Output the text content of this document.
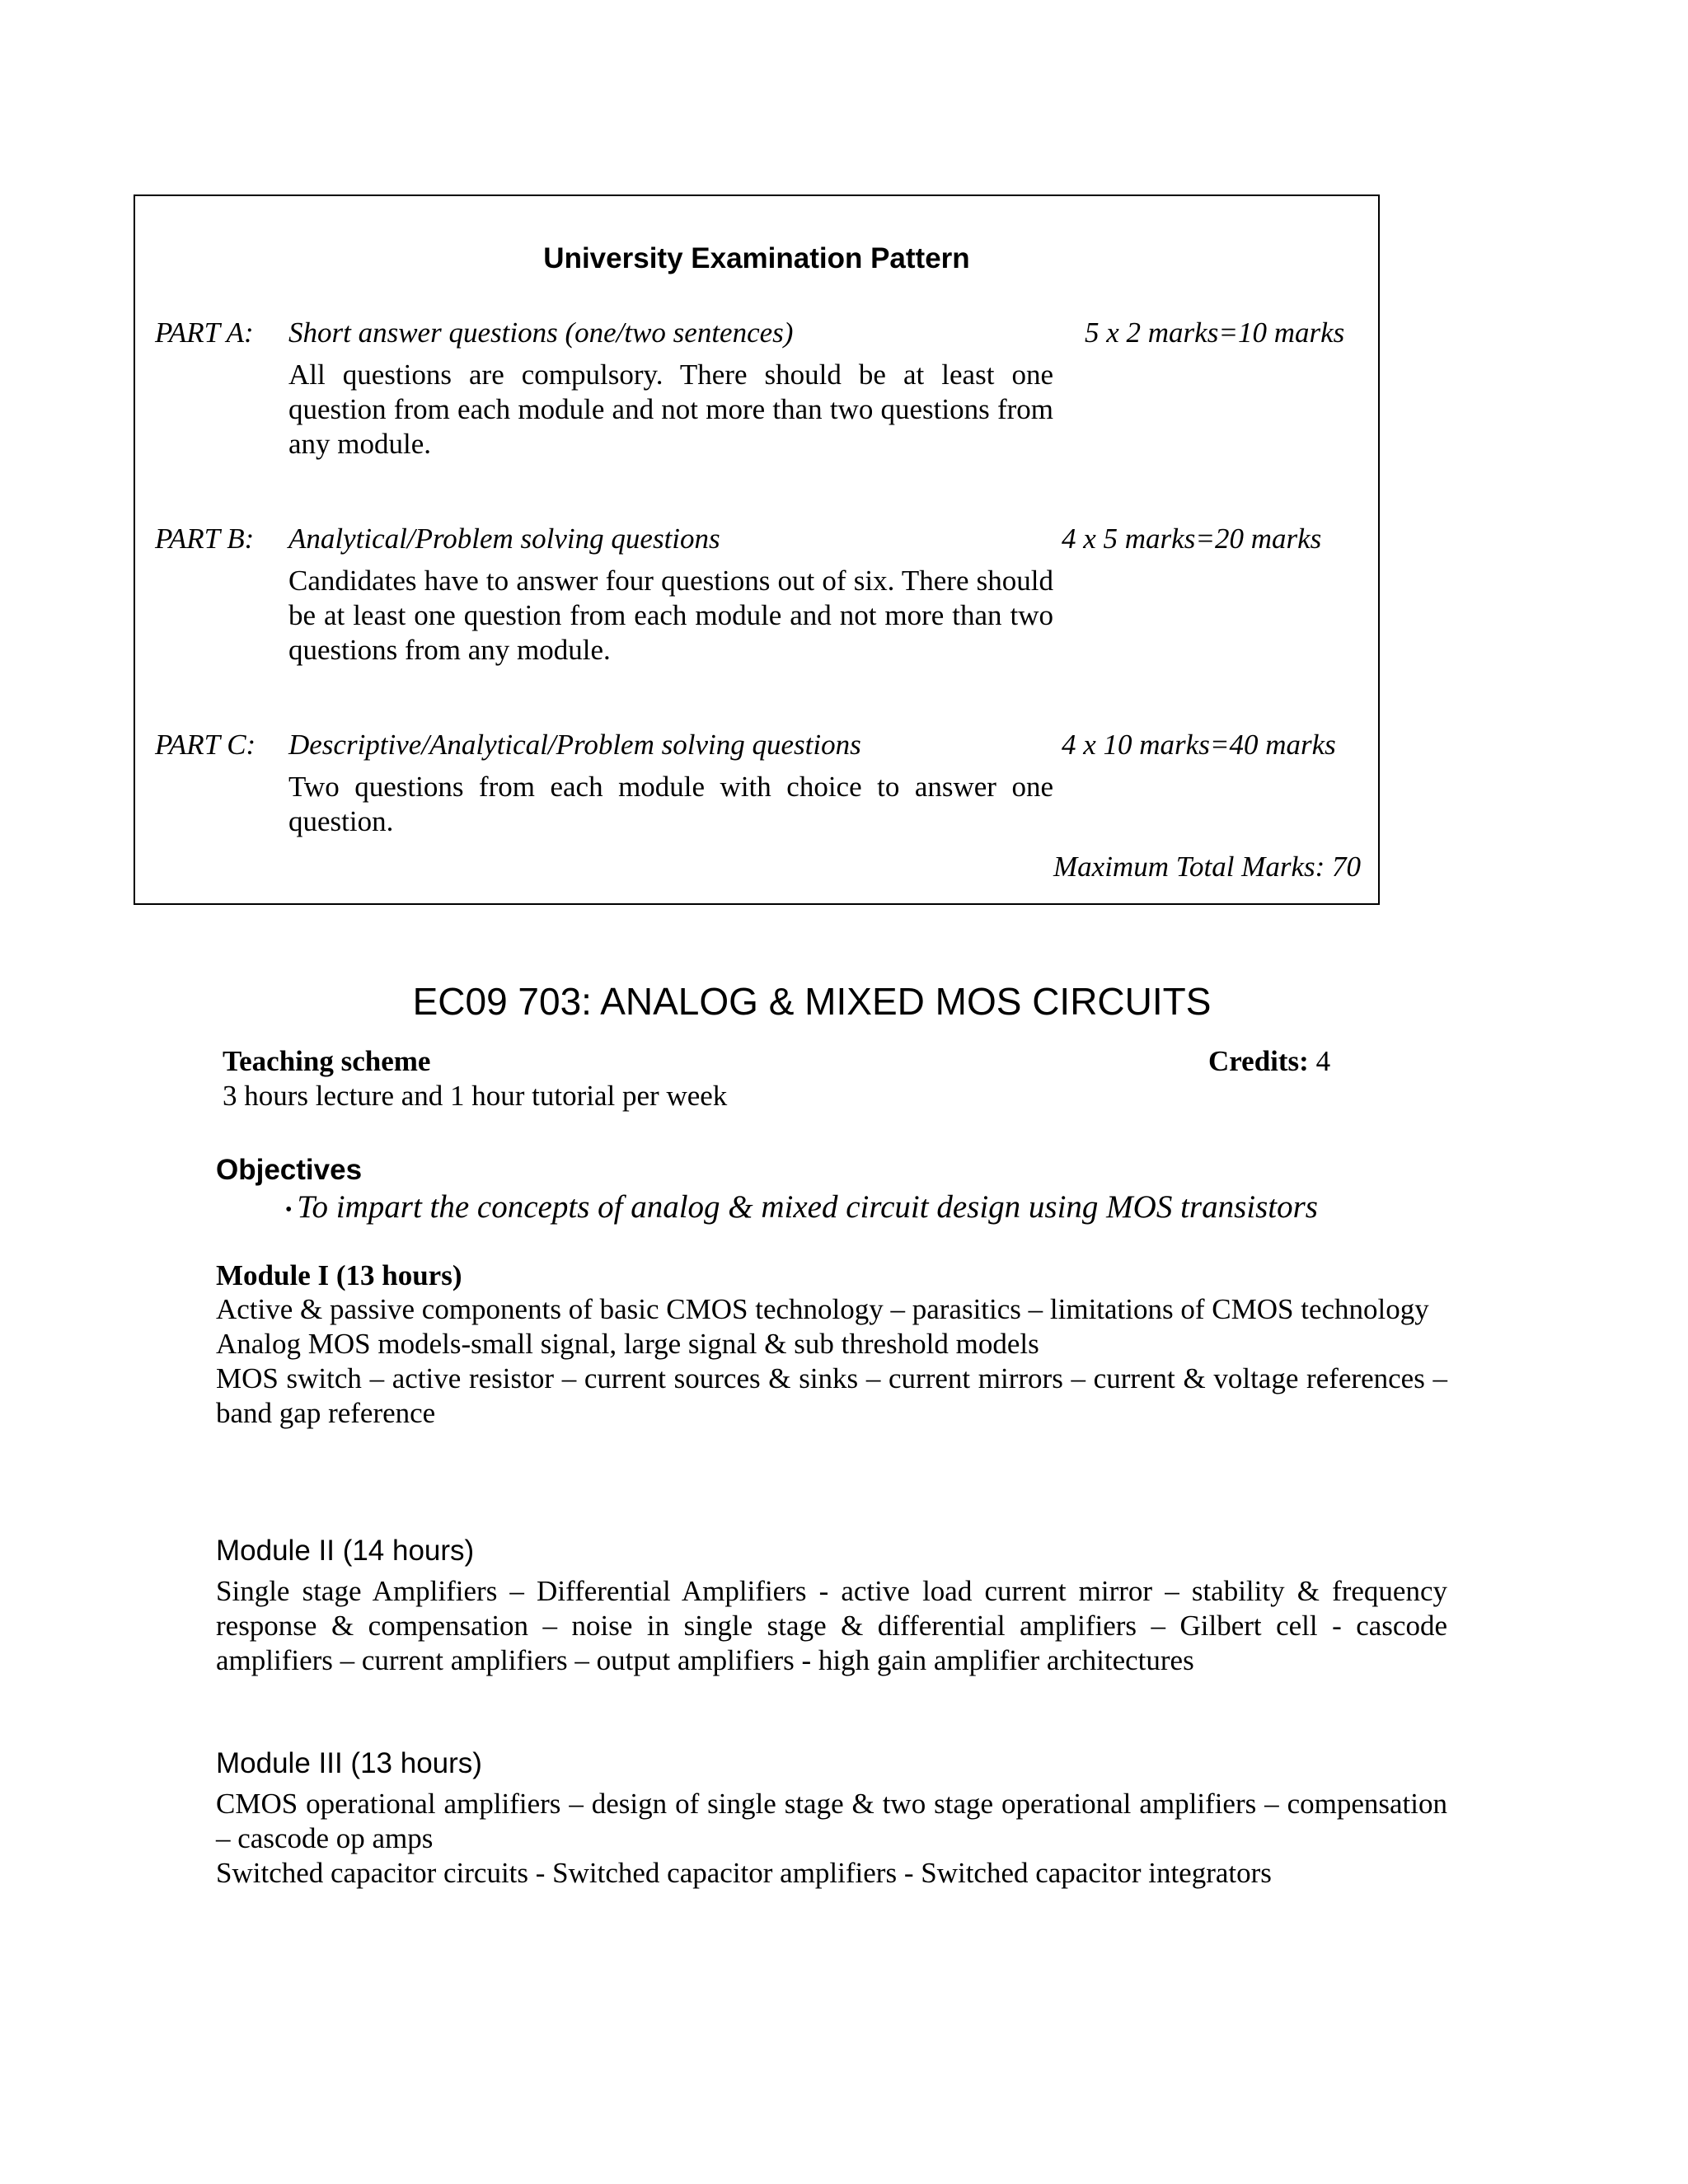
University Examination Pattern
PART A: Short answer questions (one/two sentences)	5 x 2 marks=10 marks
All questions are compulsory. There should be at least one question from each module and not more than two questions from any module.
PART B: Analytical/Problem solving questions	4 x 5 marks=20 marks
Candidates have to answer four questions out of six. There should be at least one question from each module and not more than two questions from any module.
PART C: Descriptive/Analytical/Problem solving questions	4 x 10 marks=40 marks
Two questions from each module with choice to answer one question.
Maximum Total Marks: 70
EC09 703: ANALOG & MIXED MOS CIRCUITS
Teaching scheme	Credits: 4
3 hours lecture and 1 hour tutorial per week
Objectives
• To impart the concepts of analog & mixed circuit design using MOS transistors
Module I (13 hours)

Active & passive components of basic CMOS technology – parasitics – limitations of CMOS technology

Analog MOS models-small signal, large signal & sub threshold models

MOS switch – active resistor – current sources & sinks – current mirrors – current & voltage references – band gap reference

Module II (14 hours)

Single stage Amplifiers – Differential Amplifiers - active load current mirror – stability & frequency response & compensation – noise in single stage & differential amplifiers – Gilbert cell - cascode amplifiers – current amplifiers – output amplifiers - high gain amplifier architectures

Module III (13 hours)

CMOS operational amplifiers – design of single stage & two stage operational amplifiers – compensation – cascode op amps

Switched capacitor circuits - Switched capacitor amplifiers - Switched capacitor integrators
